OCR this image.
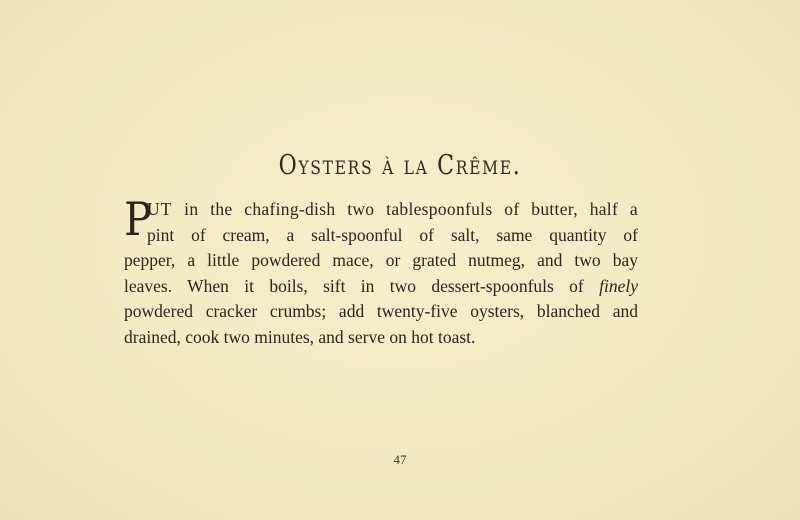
Oysters à la Crême.
P
UT in the chafing-dish two tablespoonfuls of butter, half a
pint of cream, a salt-spoonful of salt, same quantity of
pepper, a little powdered mace, or grated nutmeg, and two bay
leaves. When it boils, sift in two dessert-spoonfuls of finely
powdered cracker crumbs; add twenty-five oysters, blanched and
drained, cook two minutes, and serve on hot toast.
47
